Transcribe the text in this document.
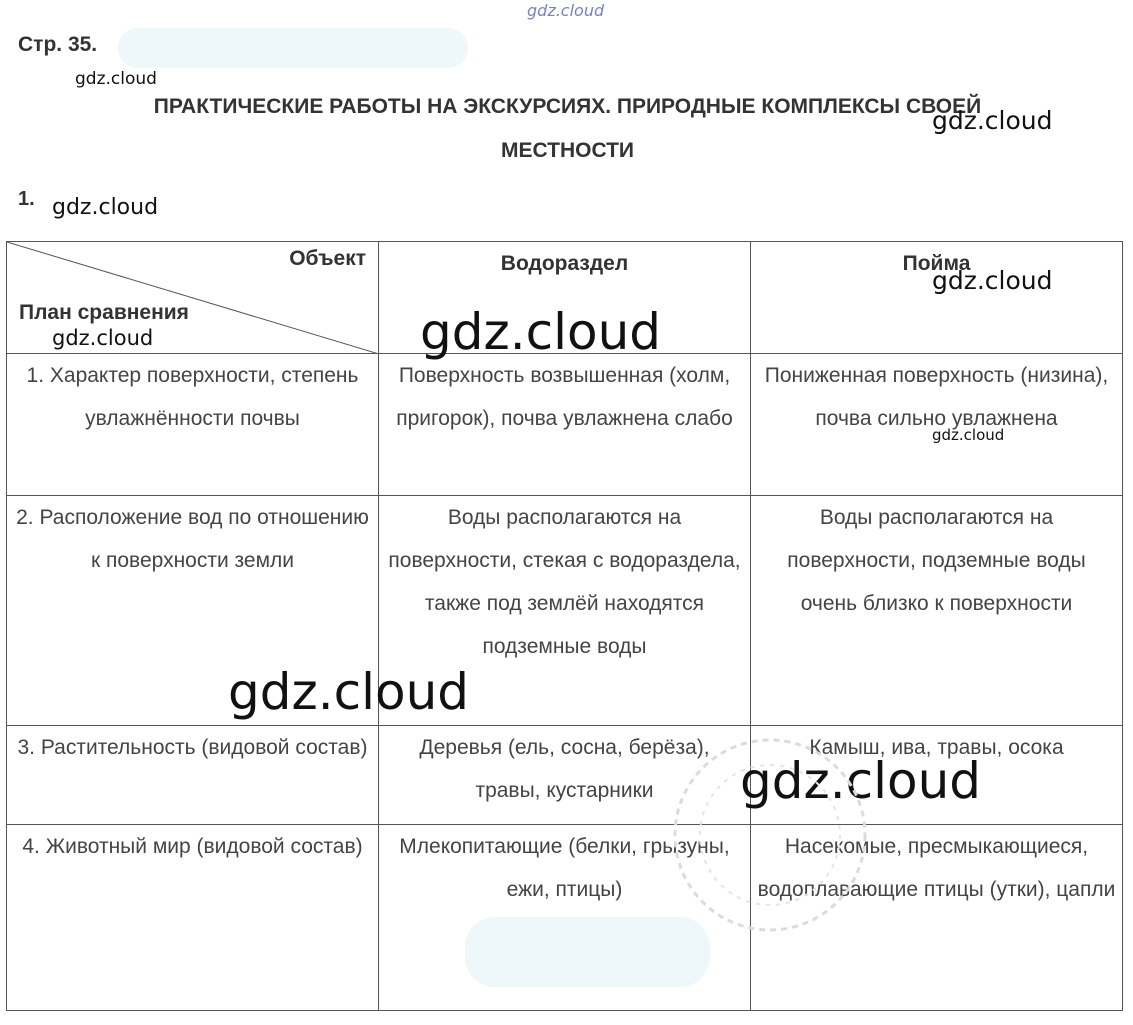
gdz.cloud
Стр. 35.
gdz.cloud
ПРАКТИЧЕСКИЕ РАБОТЫ НА ЭКСКУРСИЯХ. ПРИРОДНЫЕ КОМПЛЕКСЫ СВОЕЙ
МЕСТНОСТИ
gdz.cloud
1. gdz.cloud
Объект
План сравнения	Водораздел	Пойма
1. Характер поверхности, степень увлажнённости почвы	Поверхность возвышенная (холм, пригорок), почва увлажнена слабо	Пониженная поверхность (низина), почва сильно увлажнена
2. Расположение вод по отношению к поверхности земли	Воды располагаются на поверхности, стекая с водораздела, также под землёй находятся подземные воды	Воды располагаются на поверхности, подземные воды очень близко к поверхности
3. Растительность (видовой состав)	Деревья (ель, сосна, берёза), травы, кустарники	Камыш, ива, травы, осока
4. Животный мир (видовой состав)	Млекопитающие (белки, грызуны, ежи, птицы)	Насекомые, пресмыкающиеся, водоплавающие птицы (утки), цапли
gdz.cloud
gdz.cloud	gdz.cloud
gdz.cloud
gdz.cloud
gdz.cloud
